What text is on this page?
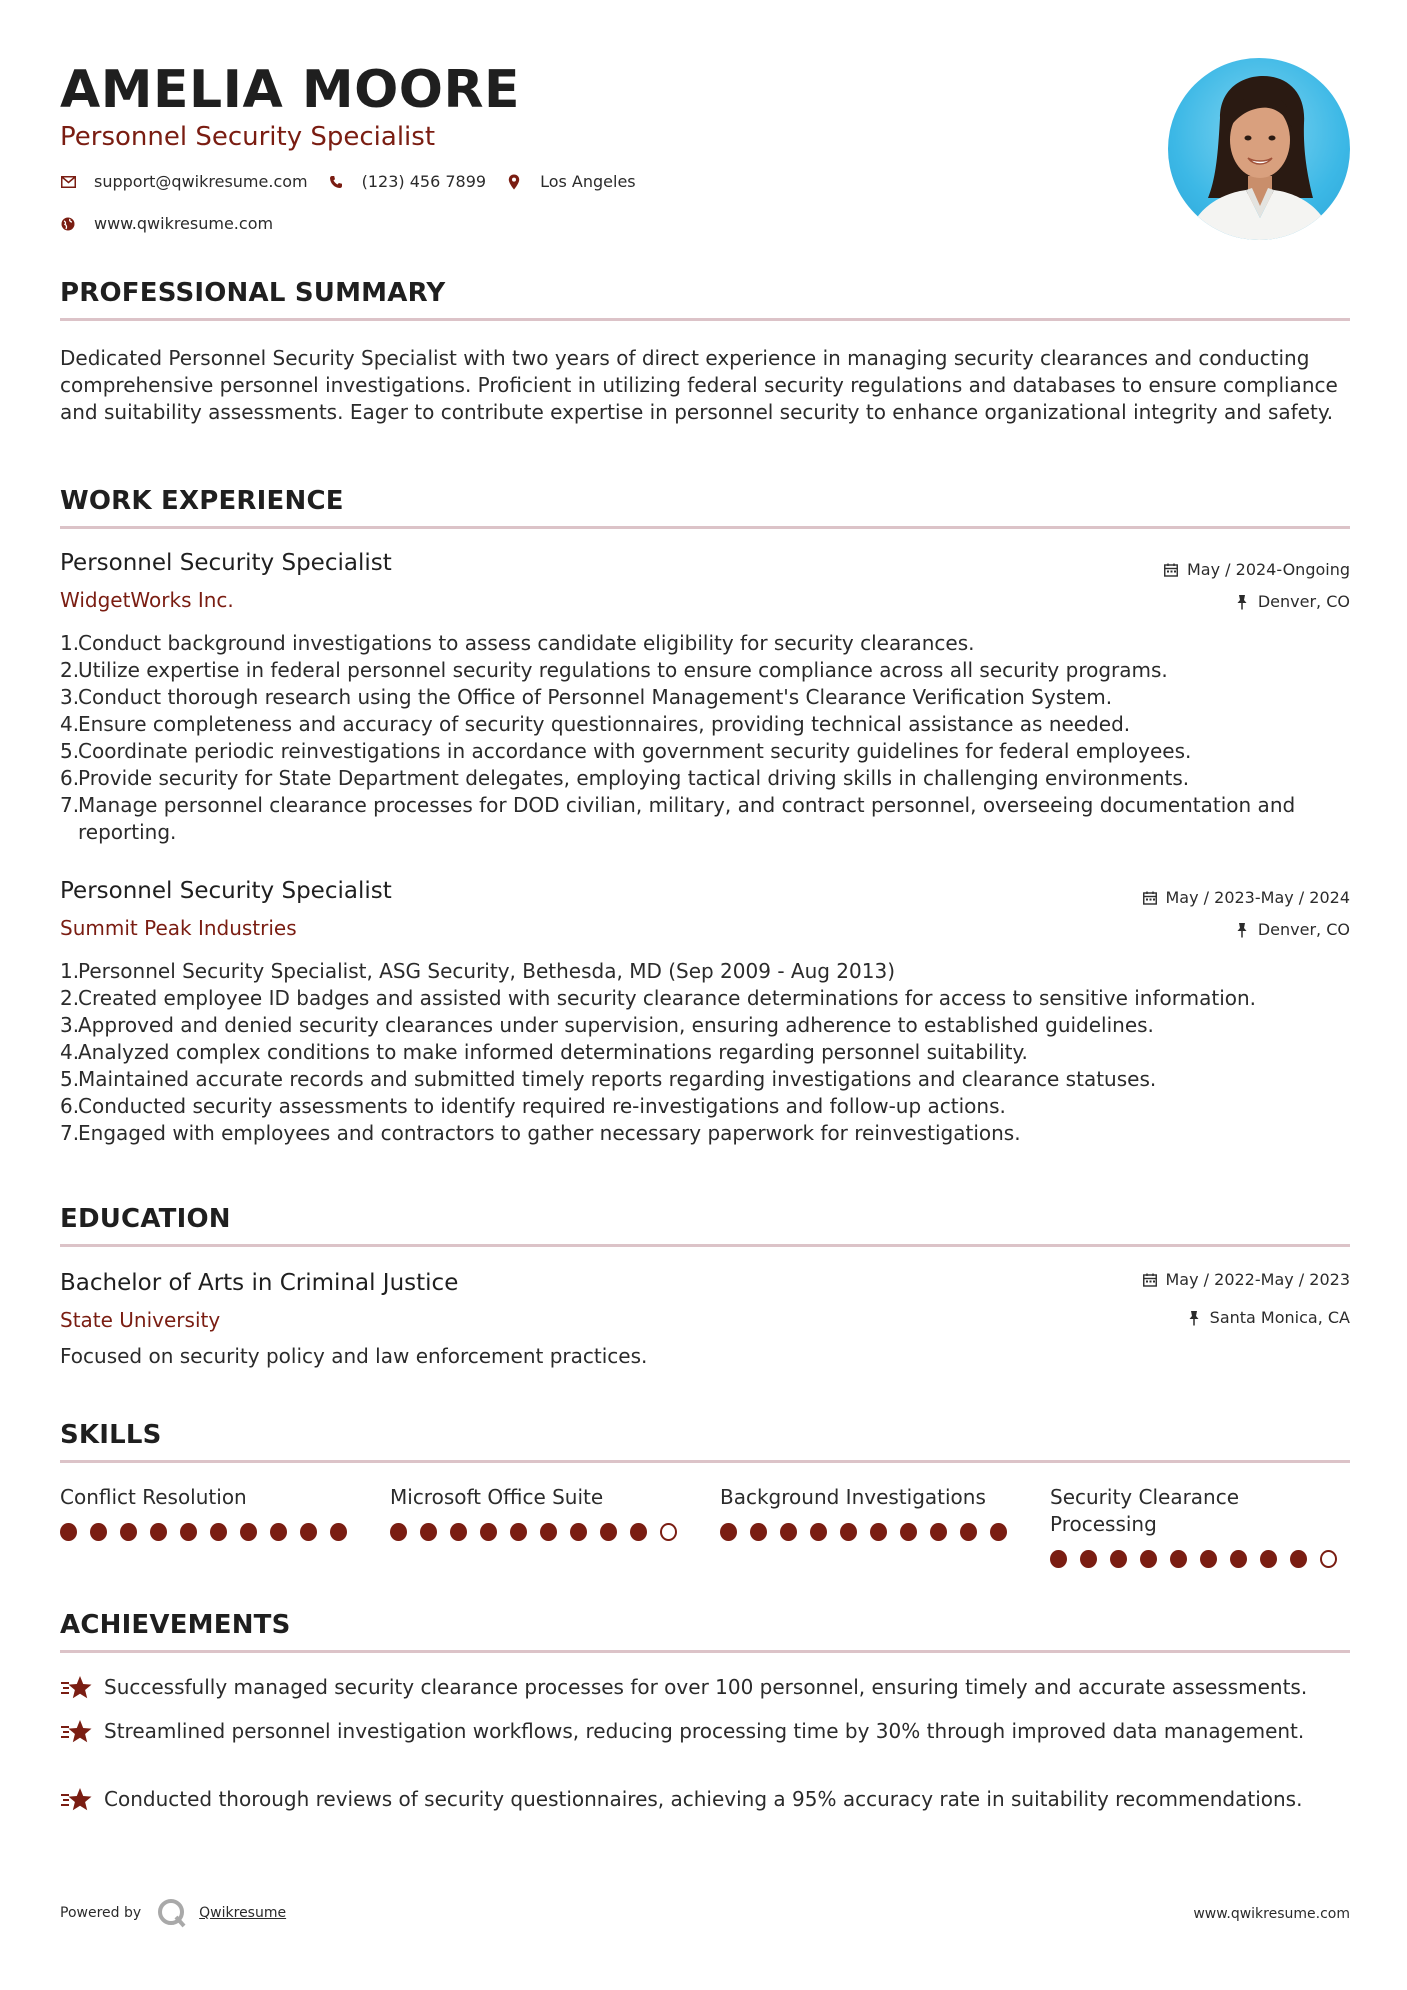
AMELIA MOORE
Personnel Security Specialist
support@qwikresume.com	(123) 456 7899	Los Angeles
www.qwikresume.com
PROFESSIONAL SUMMARY
Dedicated Personnel Security Specialist with two years of direct experience in managing security clearances and conducting comprehensive personnel investigations. Proficient in utilizing federal security regulations and databases to ensure compliance and suitability assessments. Eager to contribute expertise in personnel security to enhance organizational integrity and safety.
WORK EXPERIENCE
Personnel Security Specialist
WidgetWorks Inc.
May / 2024-Ongoing
Denver, CO
Conduct background investigations to assess candidate eligibility for security clearances.
Utilize expertise in federal personnel security regulations to ensure compliance across all security programs.
Conduct thorough research using the Office of Personnel Management's Clearance Verification System.
Ensure completeness and accuracy of security questionnaires, providing technical assistance as needed.
Coordinate periodic reinvestigations in accordance with government security guidelines for federal employees.
Provide security for State Department delegates, employing tactical driving skills in challenging environments.
Manage personnel clearance processes for DOD civilian, military, and contract personnel, overseeing documentation and reporting.
Personnel Security Specialist
Summit Peak Industries
May / 2023-May / 2024
Denver, CO
Personnel Security Specialist, ASG Security, Bethesda, MD (Sep 2009 - Aug 2013)
Created employee ID badges and assisted with security clearance determinations for access to sensitive information.
Approved and denied security clearances under supervision, ensuring adherence to established guidelines.
Analyzed complex conditions to make informed determinations regarding personnel suitability.
Maintained accurate records and submitted timely reports regarding investigations and clearance statuses.
Conducted security assessments to identify required re-investigations and follow-up actions.
Engaged with employees and contractors to gather necessary paperwork for reinvestigations.
EDUCATION
Bachelor of Arts in Criminal Justice
State University
May / 2022-May / 2023
Santa Monica, CA
Focused on security policy and law enforcement practices.
SKILLS
Conflict Resolution	Microsoft Office Suite	Background Investigations	Security Clearance Processing
ACHIEVEMENTS
Successfully managed security clearance processes for over 100 personnel, ensuring timely and accurate assessments.
Streamlined personnel investigation workflows, reducing processing time by 30% through improved data management.
Conducted thorough reviews of security questionnaires, achieving a 95% accuracy rate in suitability recommendations.
Powered by	Qwikresume	www.qwikresume.com
